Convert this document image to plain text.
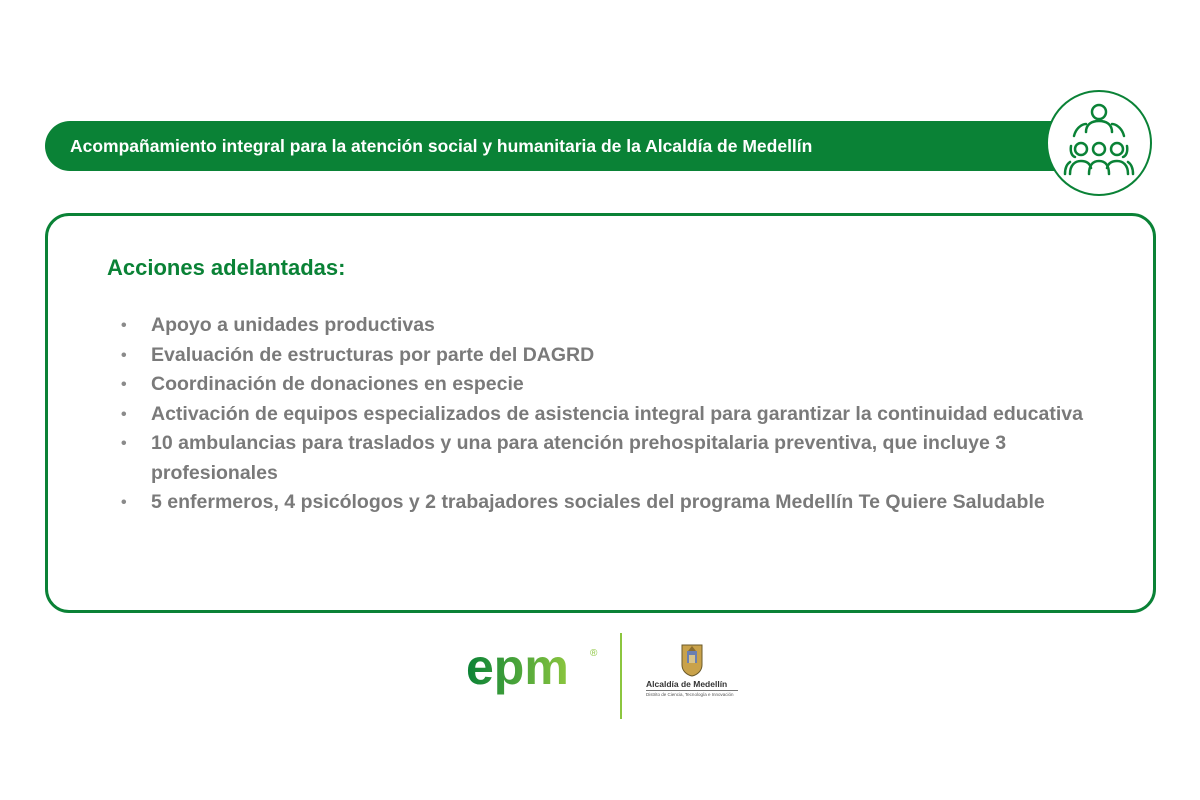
Acompañamiento integral para la atención social y humanitaria de la Alcaldía de Medellín
Acciones adelantadas:
• Apoyo a unidades productivas
• Evaluación de estructuras por parte del DAGRD
• Coordinación de donaciones en especie
• Activación de equipos especializados de asistencia integral para garantizar la continuidad educativa
• 10 ambulancias para traslados y una para atención prehospitalaria preventiva, que incluye 3 profesionales
• 5 enfermeros, 4 psicólogos y 2 trabajadores sociales del programa Medellín Te Quiere Saludable
epm ®
Alcaldía de Medellín
Distrito de Ciencia, Tecnología e Innovación
